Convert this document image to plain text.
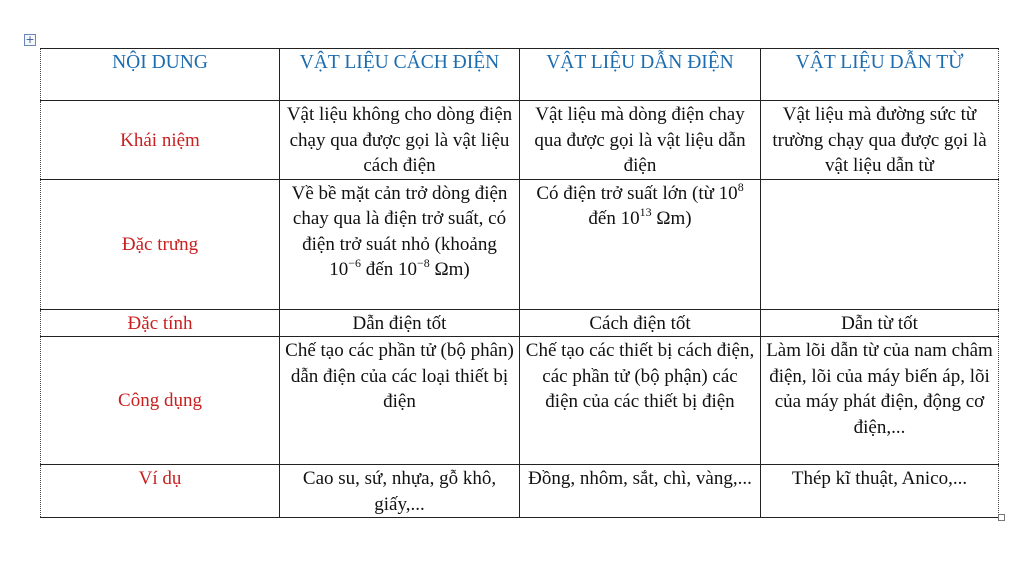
+
NỘI DUNG	VẬT LIỆU CÁCH ĐIỆN	VẬT LIỆU DẪN ĐIỆN	VẬT LIỆU DẪN TỪ
Khái niệm	Vật liệu không cho dòng điện chạy qua được gọi là vật liệu cách điện	Vật liệu mà dòng điện chay qua được gọi là vật liệu dẫn điện	Vật liệu mà đường sức từ trường chạy qua được gọi là vật liệu dẫn từ
Đặc trưng	Về bề mặt cản trở dòng điện chay qua là điện trở suất, có điện trở suát nhỏ (khoảng $10^{-6}$ đến $10^{-8}$ Ωm)	Có điện trở suất lớn (từ $10^8$ đến $10^{13}$ Ωm)	
Đặc tính	Dẫn điện tốt	Cách điện tốt	Dẫn từ tốt
Công dụng	Chế tạo các phần tử (bộ phân) dẫn điện của các loại thiết bị điện	Chế tạo các thiết bị cách điện, các phần tử (bộ phận) các điện của các thiết bị điện	Làm lõi dẫn từ của nam châm điện, lõi của máy biến áp, lõi của máy phát điện, động cơ điện,...
Ví dụ	Cao su, sứ, nhựa, gỗ khô, giấy,...	Đồng, nhôm, sắt, chì, vàng,...	Thép kĩ thuật, Anico,...
